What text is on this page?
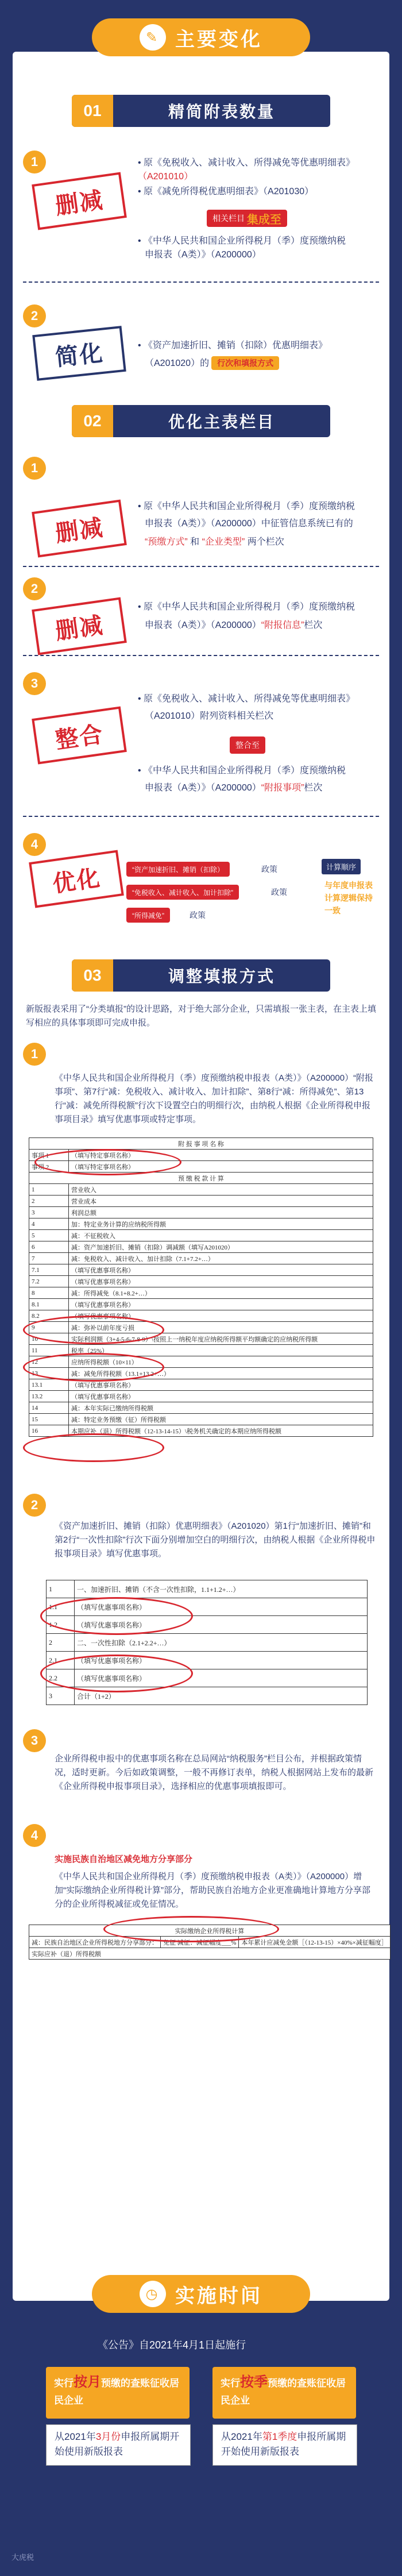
✎ 主要变化
01	精简附表数量
1
删减
• 原《免税收入、减计收入、所得减免等优惠明细表》（A201010）
• 原《减免所得税优惠明细表》（A201030）
相关栏目
集成至
• 《中华人民共和国企业所得税月（季）度预缴纳税
申报表（A类）》（A200000）
2
简化	• 《资产加速折旧、摊销（扣除）优惠明细表》
（A201020）的 行次和填报方式
02	优化主表栏目
1
删减
• 原《中华人民共和国企业所得税月（季）度预缴纳税
申报表（A类）》（A200000）中征管信息系统已有的
“预缴方式” 和 “企业类型” 两个栏次
2
删减
• 原《中华人民共和国企业所得税月（季）度预缴纳税
申报表（A类）》（A200000）“附报信息”栏次
3
整合
• 原《免税收入、减计收入、所得减免等优惠明细表》
（A201010）附列资料相关栏次
整合至
• 《中华人民共和国企业所得税月（季）度预缴纳税
申报表（A类）》（A200000）“附报事项”栏次
4
优化	“资产加速折旧、摊销（扣除）	政策
“免税收入、减计收入、加计扣除”	政策
“所得减免”	政策
计算顺序
与年度申报表计算逻辑保持一致
03	调整填报方式
新版报表采用了“分类填报”的设计思路，对于绝大部分企业，只需填报一张主表，在主表上填写相应的具体事项即可完成申报。
1
《中华人民共和国企业所得税月（季）度预缴纳税申报表（A类）》（A200000）“附报事项”、第7行“减：免税收入、减计收入、加计扣除”、第8行“减：所得减免”、第13行“减：减免所得税额”行次下设置空白的明细行次，由纳税人根据《企业所得税申报事项目录》填写优惠事项或特定事项。
附 报 事 项 名 称	
事项 1	（填写特定事项名称）
事项 2	（填写特定事项名称）
预 缴 税 款 计 算	
1	营业收入
2	营业成本
3	利润总额
4	加：特定业务计算的应纳税所得额
5	减：不征税收入
6	减：资产加速折旧、摊销（扣除）调减额（填写A201020）
7	减：免税收入、减计收入、加计扣除（7.1+7.2+…）
7.1	（填写优惠事项名称）
7.2	（填写优惠事项名称）
8	减：所得减免（8.1+8.2+…）
8.1	（填写优惠事项名称）
8.2	（填写优惠事项名称）
9	减：弥补以前年度亏损
10	实际利润额（3+4-5-6-7-8-9）\按照上一纳税年度应纳税所得额平均额确定的应纳税所得额
11	税率（25%）
12	应纳所得税额（10×11）
13	减：减免所得税额（13.1+13.2+…）
13.1	（填写优惠事项名称）
13.2	（填写优惠事项名称）
14	减：本年实际已缴纳所得税额
15	减：特定业务预缴（征）所得税额
16	本期应补（退）所得税额（12-13-14-15）\税务机关确定的本期应纳所得税额
2
《资产加速折旧、摊销（扣除）优惠明细表》（A201020）第1行“加速折旧、摊销”和第2行“一次性扣除”行次下面分别增加空白的明细行次，由纳税人根据《企业所得税申报事项目录》填写优惠事项。
1	一、加速折旧、摊销（不含一次性扣除，1.1+1.2+…）
1.1	（填写优惠事项名称）
1.2	（填写优惠事项名称）
2	二、一次性扣除（2.1+2.2+…）
2.1	（填写优惠事项名称）
2.2	（填写优惠事项名称）
3	合计（1+2）
3
企业所得税申报中的优惠事项名称在总局网站“纳税服务”栏目公布，并根据政策情况，适时更新。今后如政策调整，一般不再修订表单，纳税人根据网站上发布的最新《企业所得税申报事项目录》，选择相应的优惠事项填报即可。
4
实施民族自治地区减免地方分享部分
《中华人民共和国企业所得税月（季）度预缴纳税申报表（A类）》（A200000）增加“实际缴纳企业所得税计算”部分，帮助民族自治地方企业更准确地计算地方分享部分的企业所得税减征或免征情况。
实际缴纳企业所得税计算
减：民族自治地区企业所得税地方分享部分：	免征 减征：减征幅度___%	本年累计应减免金额［（12-13-15）×40%×减征幅度］
实际应补（退）所得税额
◷ 实施时间
《公告》自2021年4月1日起施行
实行按月预缴的查账征收居民企业
实行按季预缴的查账征收居民企业
从2021年3月份申报所属期开始使用新版报表
从2021年第1季度申报所属期开始使用新版报表
大虎税
